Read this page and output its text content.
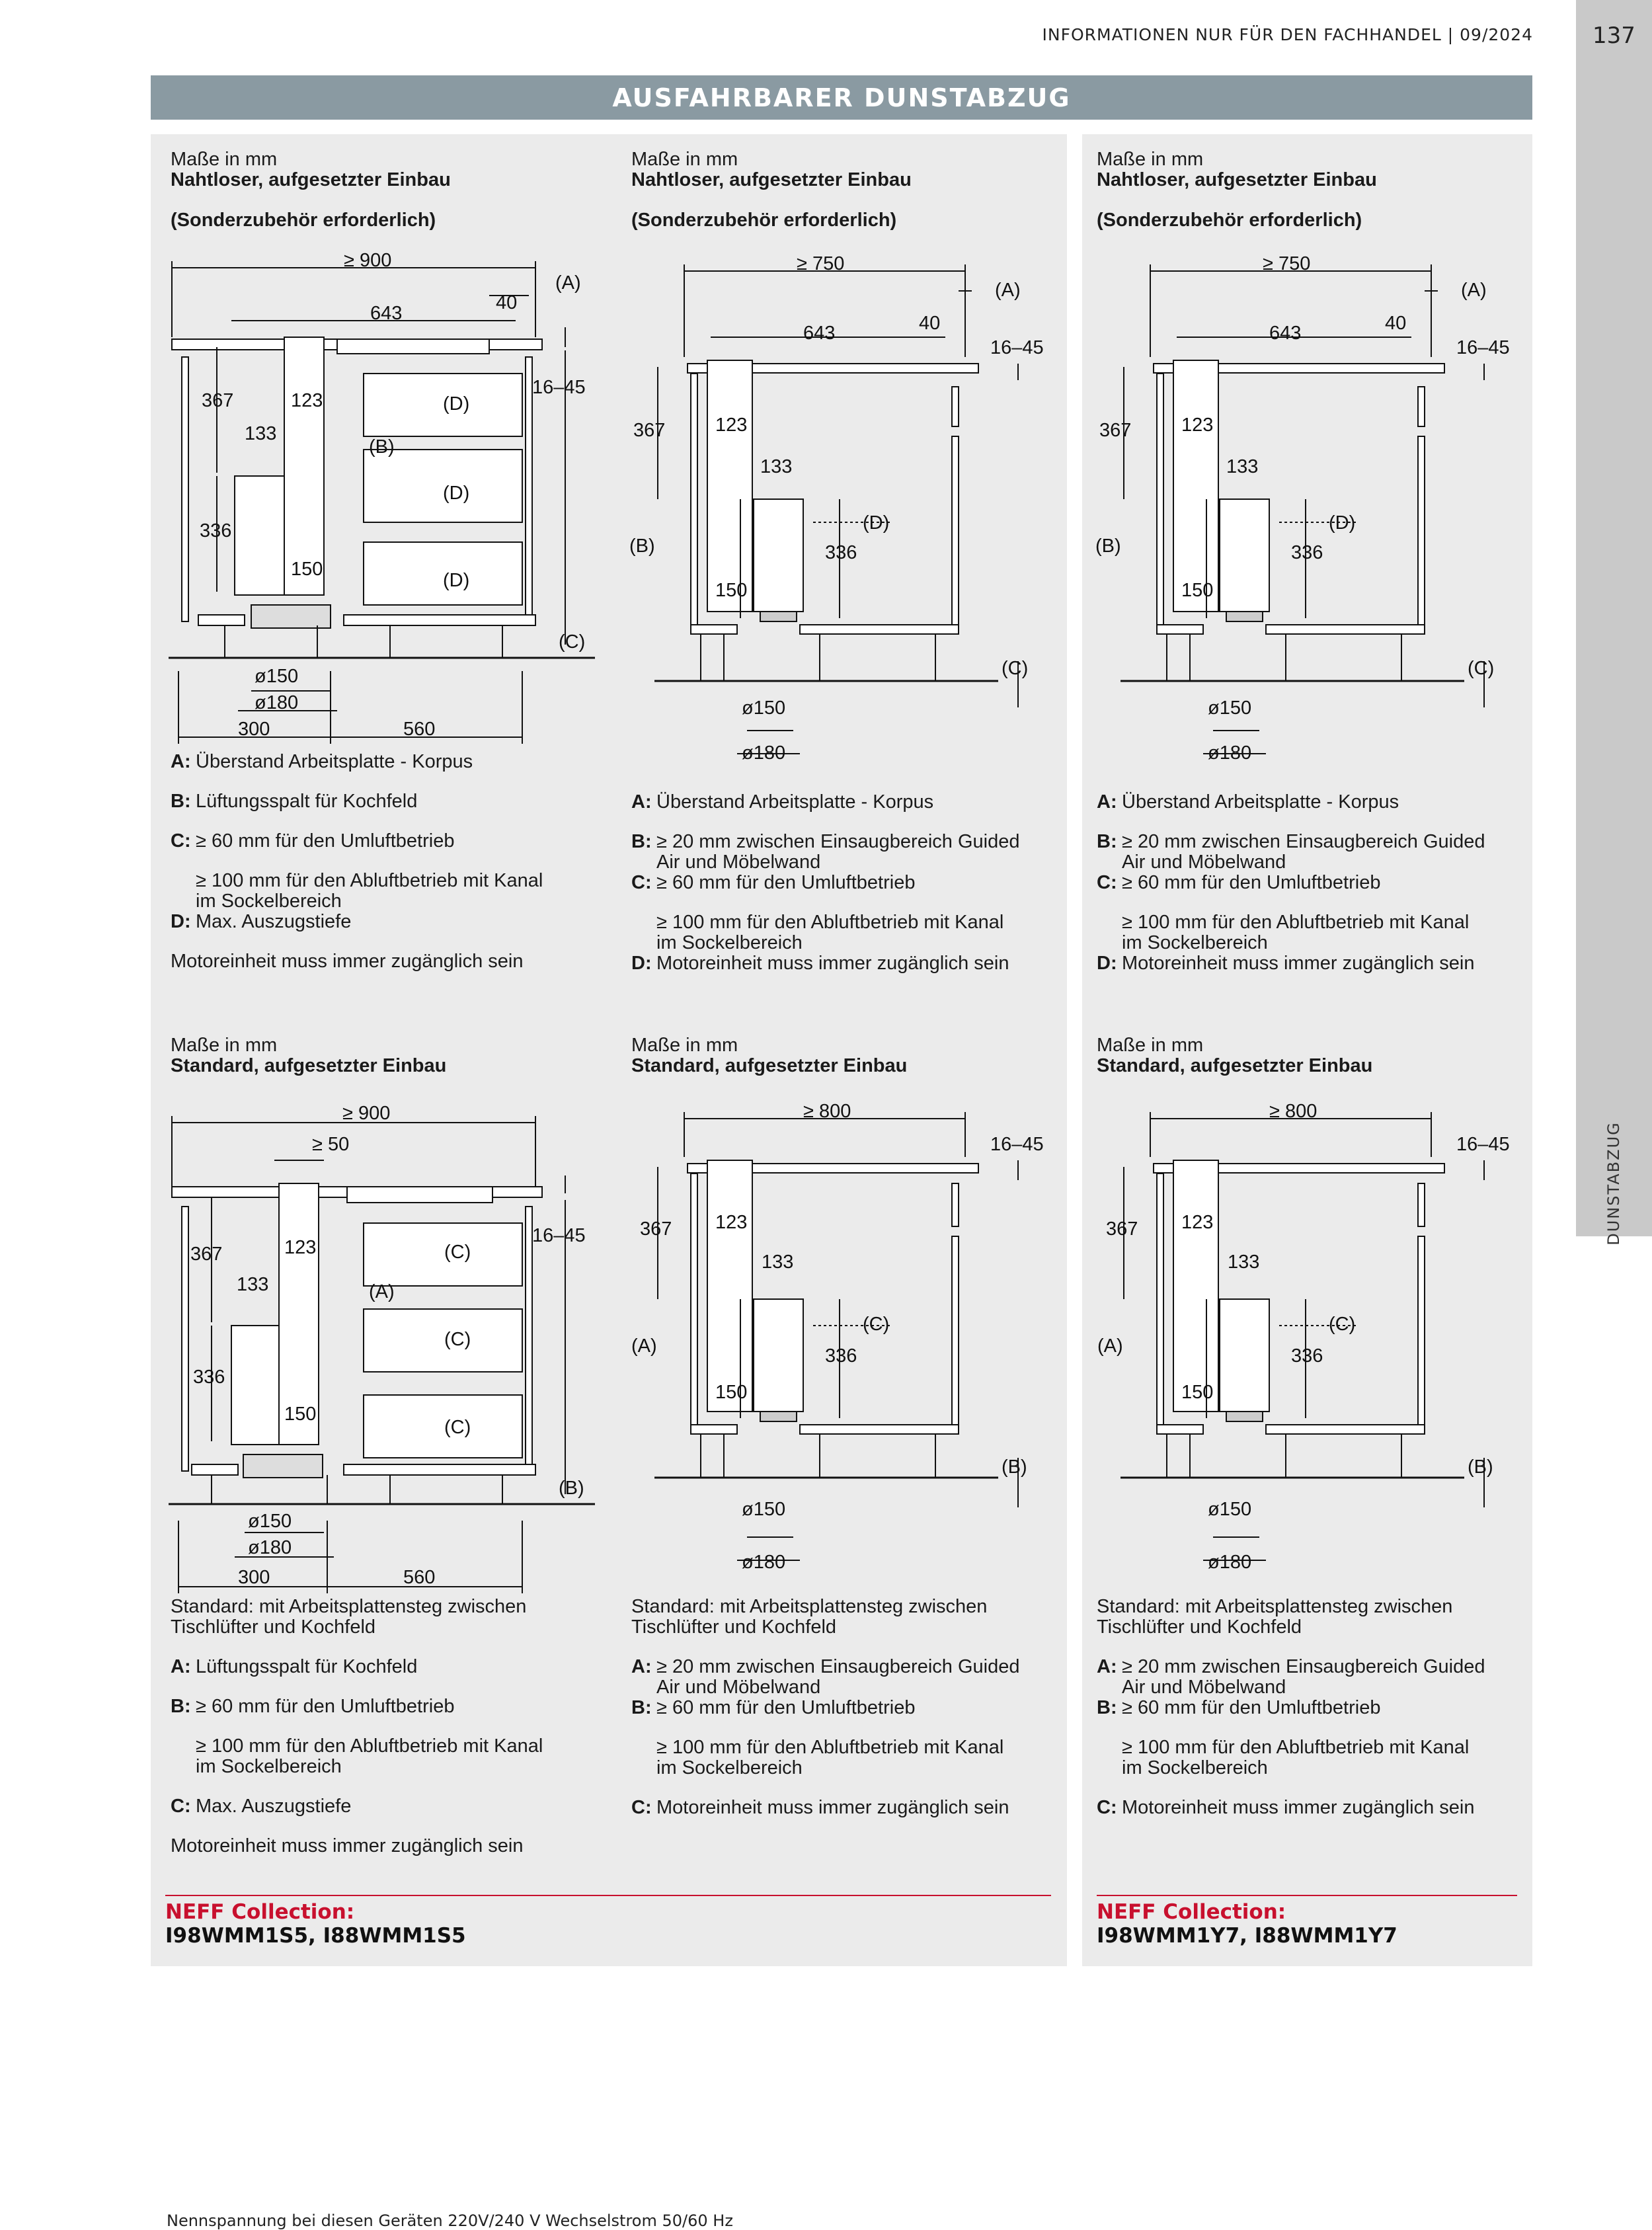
INFORMATIONEN NUR FÜR DEN FACHHANDEL | 09/2024	137
DUNSTABZUG
AUSFAHRBARER DUNSTABZUG
Maße in mm
Nahtloser, aufgesetzter Einbau
(Sonderzubehör erforderlich)
≥ 900
643	40
(A)
16–45
367	123
133
(B)
(D)
(D)
(D)
336
150
(C)
ø150
ø180
300	560
A: Überstand Arbeitsplatte - Korpus
B: Lüftungsspalt für Kochfeld
C: ≥ 60 mm für den Umluftbetrieb
≥ 100 mm für den Abluftbetrieb mit Kanal im Sockelbereich
D: Max. Auszugstiefe
Motoreinheit muss immer zugänglich sein
Maße in mm
Nahtloser, aufgesetzter Einbau
(Sonderzubehör erforderlich)
≥ 750
643	40
(A)
16–45
367	123
133
(D)
(B)	336
150
(C)
ø150
ø180
A: Überstand Arbeitsplatte - Korpus
B: ≥ 20 mm zwischen Einsaugbereich Guided Air und Möbelwand
C: ≥ 60 mm für den Umluftbetrieb
≥ 100 mm für den Abluftbetrieb mit Kanal im Sockelbereich
D: Motoreinheit muss immer zugänglich sein
Maße in mm
Nahtloser, aufgesetzter Einbau
(Sonderzubehör erforderlich)
≥ 750
643	40
(A)
16–45
367	123
133
(D)
(B)	336
150
(C)
ø150
ø180
A: Überstand Arbeitsplatte - Korpus
B: ≥ 20 mm zwischen Einsaugbereich Guided Air und Möbelwand
C: ≥ 60 mm für den Umluftbetrieb
≥ 100 mm für den Abluftbetrieb mit Kanal im Sockelbereich
D: Motoreinheit muss immer zugänglich sein
Maße in mm
Standard, aufgesetzter Einbau
≥ 900
≥ 50
16–45
367	123
133	(A)
(C)
(C)
(C)
336
150
(B)
ø150
ø180
300	560
Standard: mit Arbeitsplattensteg zwischen Tischlüfter und Kochfeld
A: Lüftungsspalt für Kochfeld
B: ≥ 60 mm für den Umluftbetrieb
≥ 100 mm für den Abluftbetrieb mit Kanal im Sockelbereich
C: Max. Auszugstiefe
Motoreinheit muss immer zugänglich sein
Maße in mm
Standard, aufgesetzter Einbau
≥ 800
16–45
367 123
133
(C)
(A)	336
150
(B)
ø150
ø180
Standard: mit Arbeitsplattensteg zwischen Tischlüfter und Kochfeld
A: ≥ 20 mm zwischen Einsaugbereich Guided Air und Möbelwand
B: ≥ 60 mm für den Umluftbetrieb
≥ 100 mm für den Abluftbetrieb mit Kanal im Sockelbereich
C: Motoreinheit muss immer zugänglich sein
Maße in mm
Standard, aufgesetzter Einbau
≥ 800
16–45
367 123
133
(C)
(A)	336
150
(B)
ø150
ø180
Standard: mit Arbeitsplattensteg zwischen Tischlüfter und Kochfeld
A: ≥ 20 mm zwischen Einsaugbereich Guided Air und Möbelwand
B: ≥ 60 mm für den Umluftbetrieb
≥ 100 mm für den Abluftbetrieb mit Kanal im Sockelbereich
C: Motoreinheit muss immer zugänglich sein
NEFF Collection:
I98WMM1S5, I88WMM1S5
NEFF Collection:
I98WMM1Y7, I88WMM1Y7
Nennspannung bei diesen Geräten 220V/240 V Wechselstrom 50/60 Hz
